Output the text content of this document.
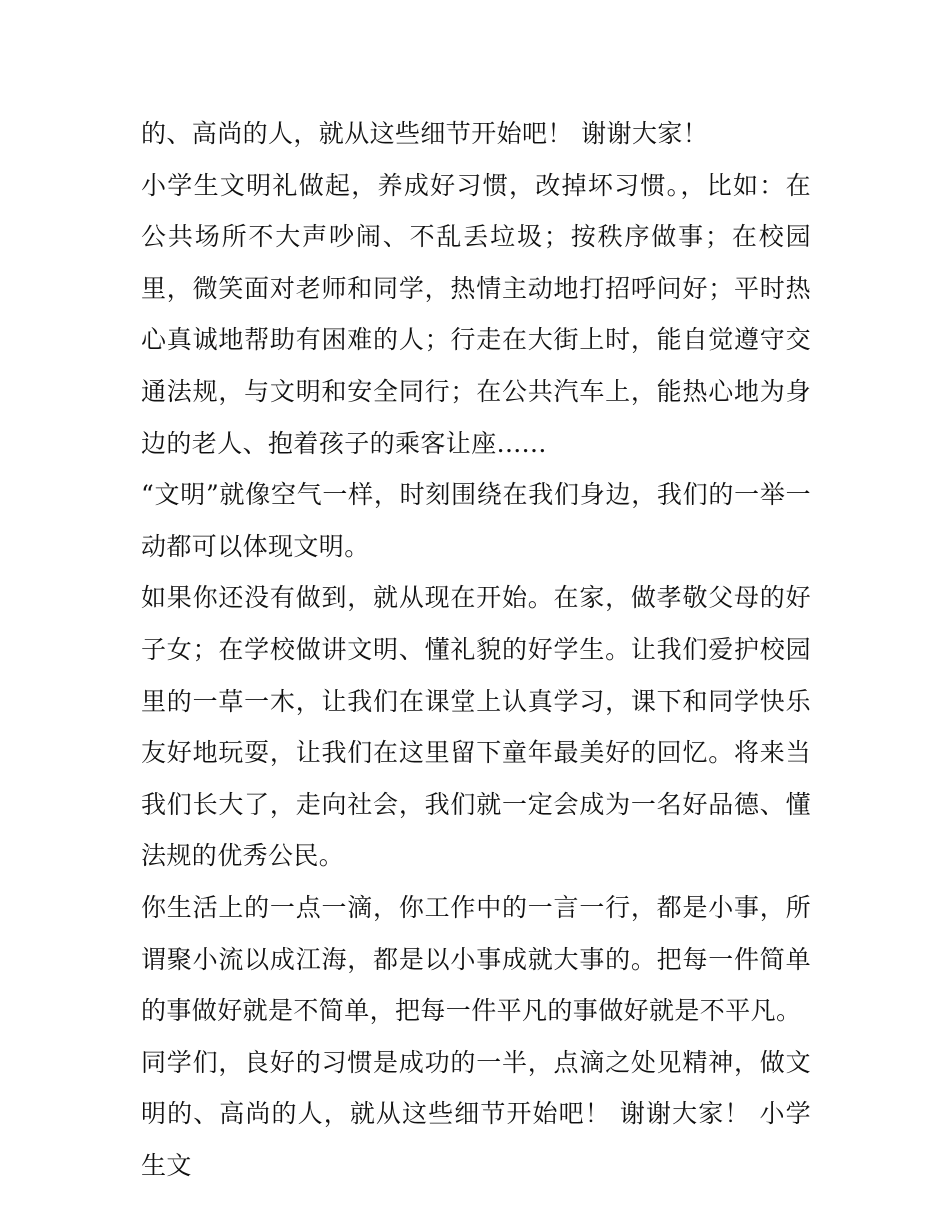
的、高尚的人，就从这些细节开始吧！ 谢谢大家！

小学生文明礼做起，养成好习惯，改掉坏习惯。，比如：在公共场所不大声吵闹、不乱丢垃圾；按秩序做事；在校园里，微笑面对老师和同学，热情主动地打招呼问好；平时热心真诚地帮助有困难的人；行走在大街上时，能自觉遵守交通法规，与文明和安全同行；在公共汽车上，能热心地为身边的老人、抱着孩子的乘客让座......

“文明”就像空气一样，时刻围绕在我们身边，我们的一举一动都可以体现文明。

如果你还没有做到，就从现在开始。在家，做孝敬父母的好子女；在学校做讲文明、懂礼貌的好学生。让我们爱护校园里的一草一木，让我们在课堂上认真学习，课下和同学快乐友好地玩耍，让我们在这里留下童年最美好的回忆。将来当我们长大了，走向社会，我们就一定会成为一名好品德、懂法规的优秀公民。

你生活上的一点一滴，你工作中的一言一行，都是小事，所谓聚小流以成江海，都是以小事成就大事的。把每一件简单的事做好就是不简单，把每一件平凡的事做好就是不平凡。

同学们，良好的习惯是成功的一半，点滴之处见精神，做文明的、高尚的人，就从这些细节开始吧！ 谢谢大家！ 小学生文
